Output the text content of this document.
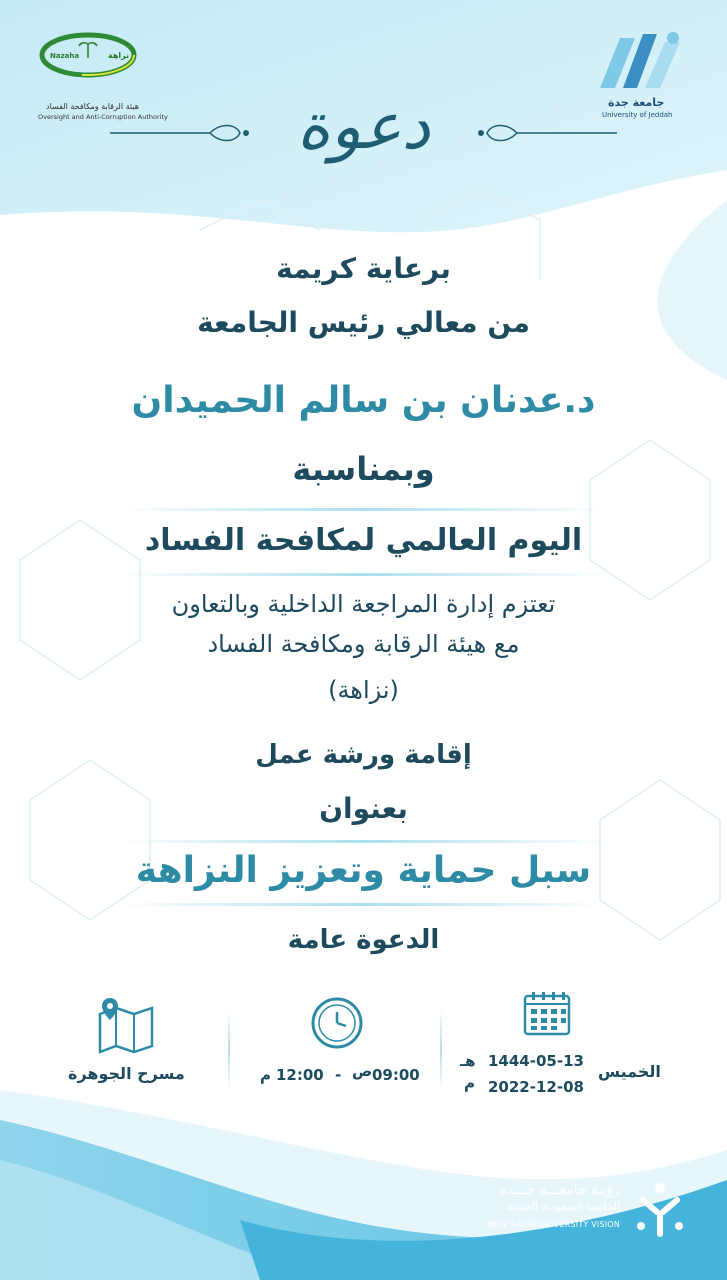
Nazaha	نزاهة
هيئة الرقابة ومكافحة الفساد
Oversight and Anti-Corruption Authority
جامعة جدة
University of Jeddah
دعوة
برعاية كريمة
من معالي رئيس الجامعة
د.عدنان بن سالم الحميدان
وبمناسبة
اليوم العالمي لمكافحة الفساد
تعتزم إدارة المراجعة الداخلية وبالتعاون
مع هيئة الرقابة ومكافحة الفساد
(نزاهة)
إقامة ورشة عمل
بعنوان
سبل حماية وتعزيز النزاهة
الدعوة عامة
الخميس
1444-05-13
هـ
2022-12-08
م
09:00
ص
-
12:00
م
مسرح الجوهرة
رؤيـة جامعـــة جـــدة
الجامعة السعودية الحديثة
NEW SAUDI UNIVERSITY VISION
